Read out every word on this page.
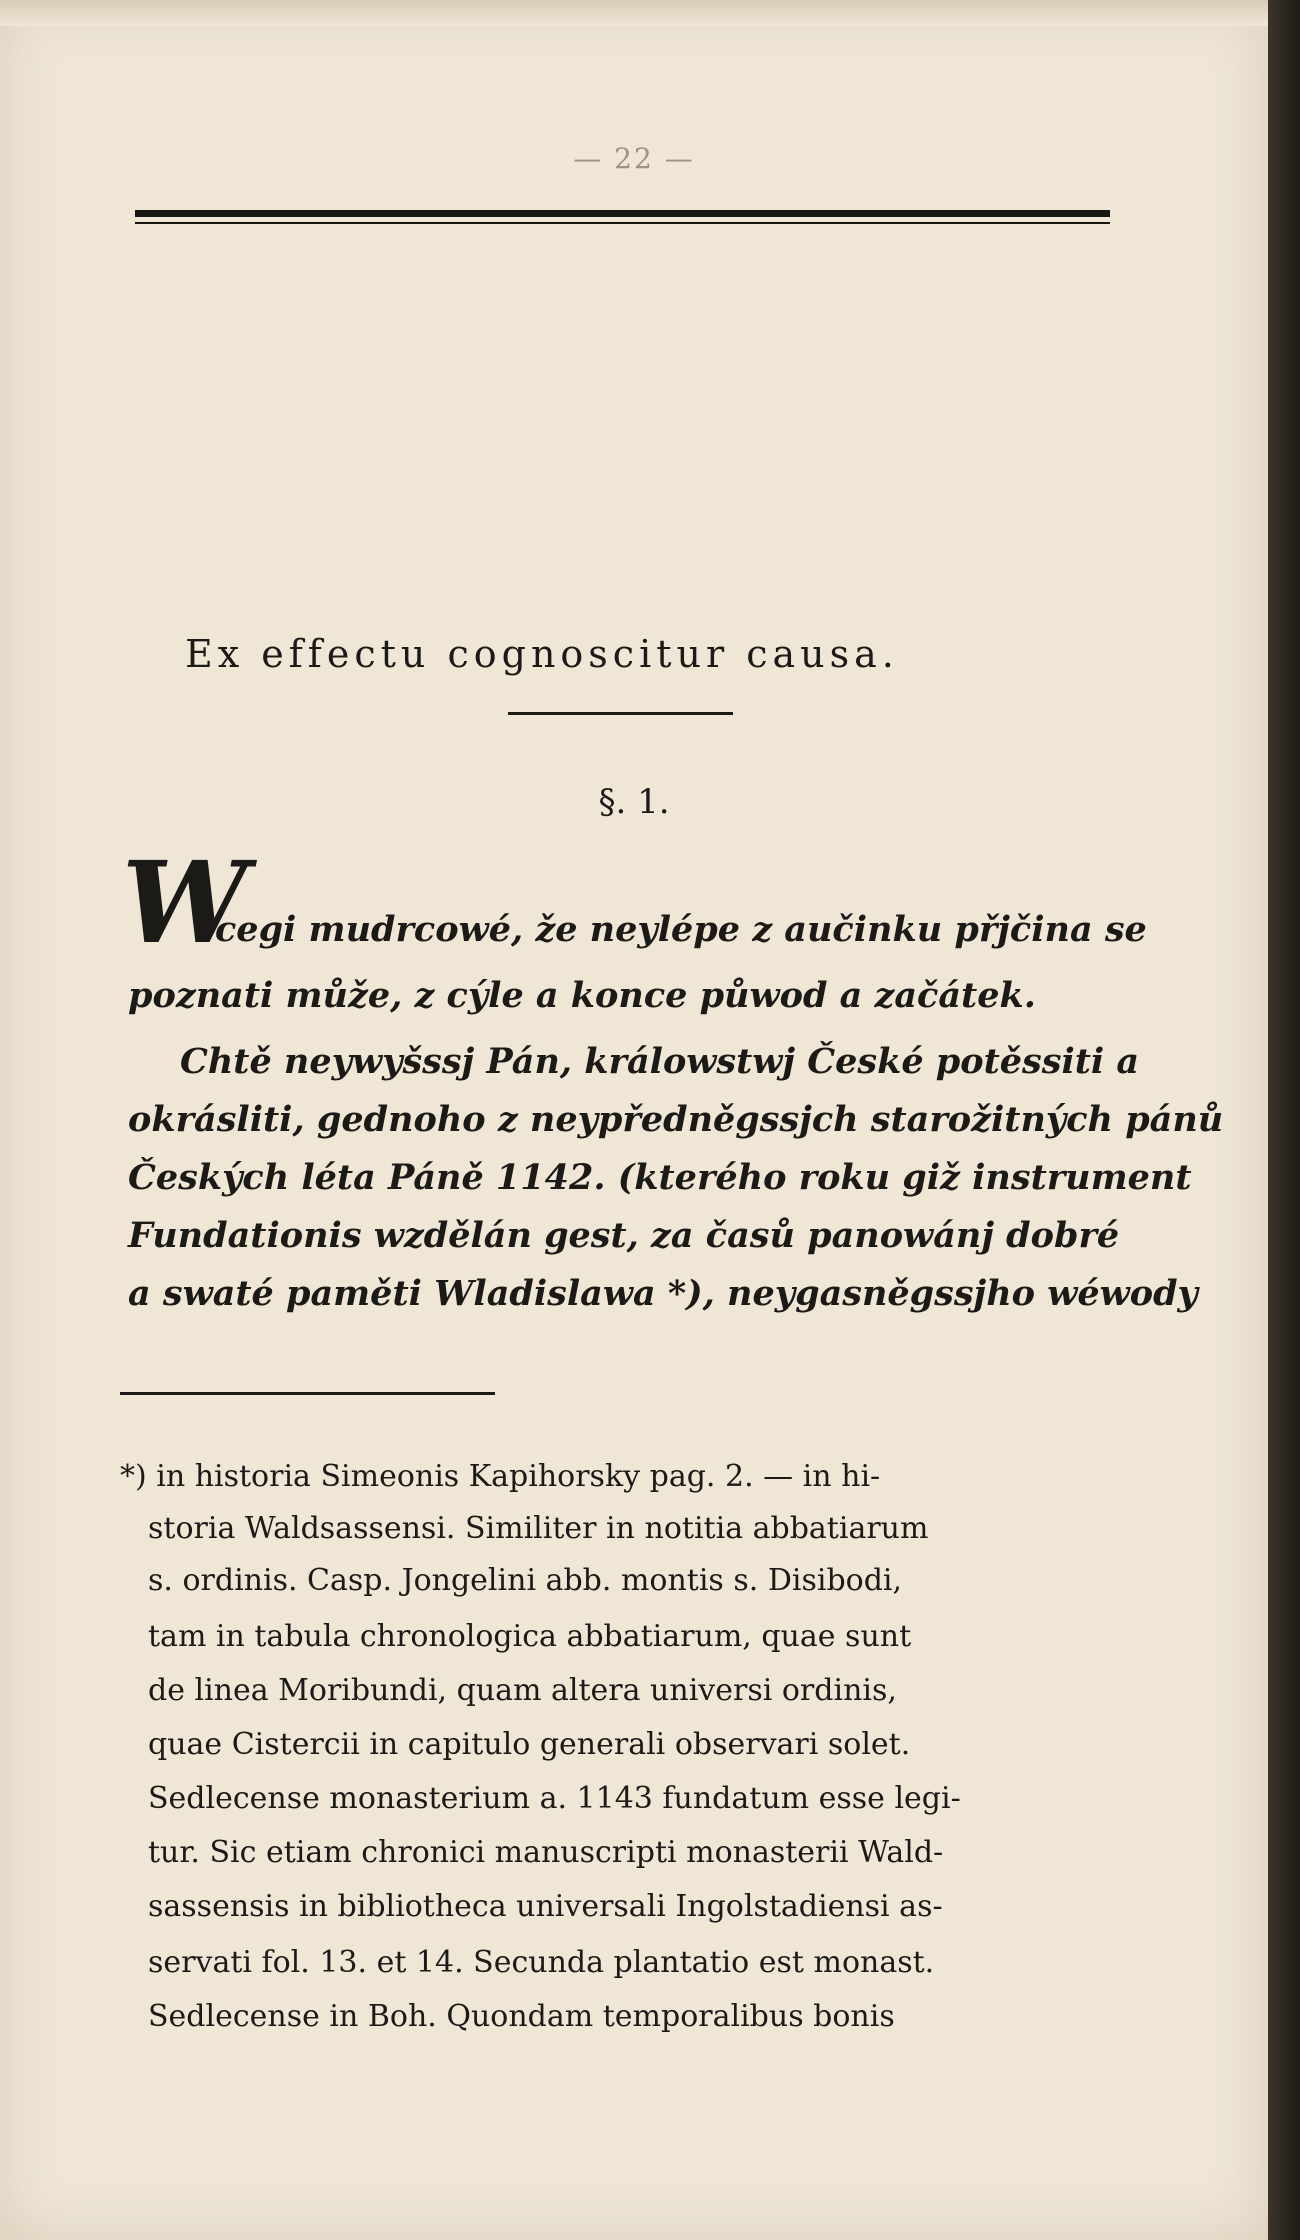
— 22 —
Ex effectu cognoscitur causa.
§. 1.
W
cegi mudrcowé, že neylépe z aučinku přjčina se
poznati může, z cýle a konce půwod a začátek.
Chtě neywyšssj Pán, králowstwj České potěssiti a
okrásliti, gednoho z neypředněgssjch starožitných pánů
Českých léta Páně 1142. (kterého roku giž instrument
Fundationis wzdělán gest, za časů panowánj dobré
a swaté paměti Wladislawa *), neygasněgssjho wéwody
*) in historia Simeonis Kapihorsky pag. 2. — in hi-
storia Waldsassensi. Similiter in notitia abbatiarum
s. ordinis. Casp. Jongelini abb. montis s. Disibodi,
tam in tabula chronologica abbatiarum, quae sunt
de linea Moribundi, quam altera universi ordinis,
quae Cistercii in capitulo generali observari solet.
Sedlecense monasterium a. 1143 fundatum esse legi-
tur. Sic etiam chronici manuscripti monasterii Wald-
sassensis in bibliotheca universali Ingolstadiensi as-
servati fol. 13. et 14. Secunda plantatio est monast.
Sedlecense in Boh. Quondam temporalibus bonis
